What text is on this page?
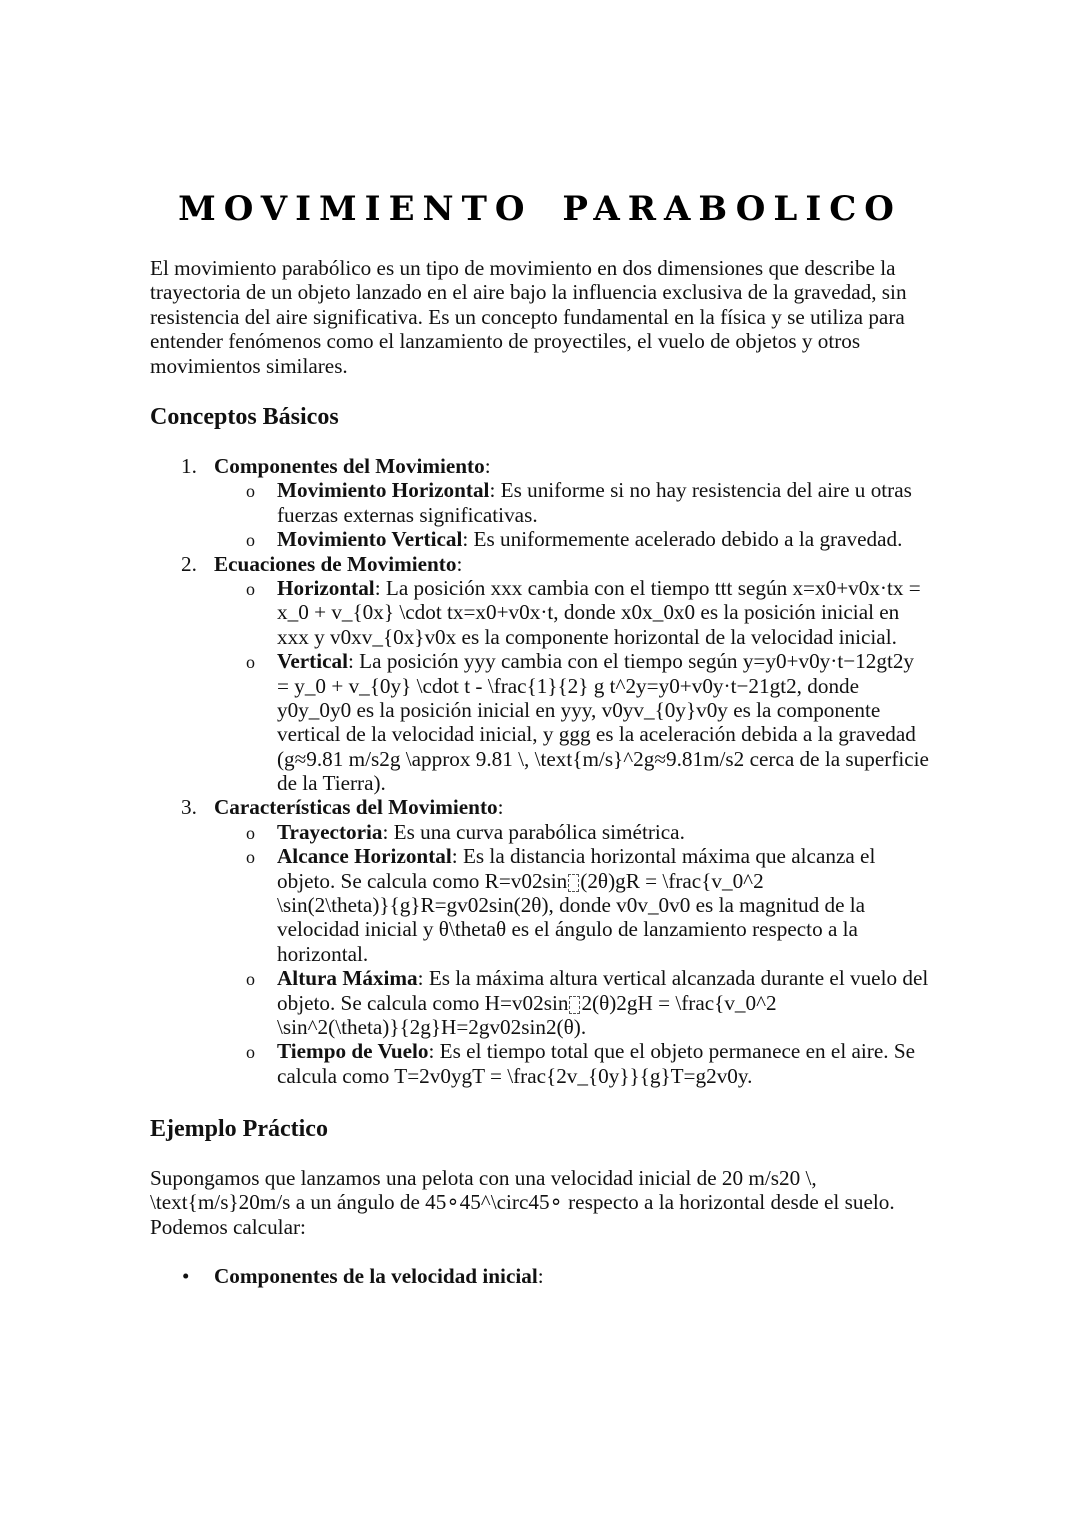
MOVIMIENTO PARABOLICO
El movimiento parabólico es un tipo de movimiento en dos dimensiones que describe la
trayectoria de un objeto lanzado en el aire bajo la influencia exclusiva de la gravedad, sin
resistencia del aire significativa. Es un concepto fundamental en la física y se utiliza para
entender fenómenos como el lanzamiento de proyectiles, el vuelo de objetos y otros
movimientos similares.
Conceptos Básicos
1. Componentes del Movimiento:
o Movimiento Horizontal: Es uniforme si no hay resistencia del aire u otras
fuerzas externas significativas.
o Movimiento Vertical: Es uniformemente acelerado debido a la gravedad.
2. Ecuaciones de Movimiento:
o Horizontal: La posición xxx cambia con el tiempo ttt según x=x0+v0x·tx =
x_0 + v_{0x} \cdot tx=x0+v0x·t, donde x0x_0x0 es la posición inicial en
xxx y v0xv_{0x}v0x es la componente horizontal de la velocidad inicial.
o Vertical: La posición yyy cambia con el tiempo según y=y0+v0y·t−12gt2y
= y_0 + v_{0y} \cdot t - \frac{1}{2} g t^2y=y0+v0y·t−21gt2, donde
y0y_0y0 es la posición inicial en yyy, v0yv_{0y}v0y es la componente
vertical de la velocidad inicial, y ggg es la aceleración debida a la gravedad
(g≈9.81 m/s2g \approx 9.81 \, \text{m/s}^2g≈9.81m/s2 cerca de la superficie
de la Tierra).
3. Características del Movimiento:
o Trayectoria: Es una curva parabólica simétrica.
o Alcance Horizontal: Es la distancia horizontal máxima que alcanza el
objeto. Se calcula como R=v02sin (2θ)gR = \frac{v_0^2
\sin(2\theta)}{g}R=gv02sin(2θ), donde v0v_0v0 es la magnitud de la
velocidad inicial y θ\thetaθ es el ángulo de lanzamiento respecto a la
horizontal.
o Altura Máxima: Es la máxima altura vertical alcanzada durante el vuelo del
objeto. Se calcula como H=v02sin 2(θ)2gH = \frac{v_0^2
\sin^2(\theta)}{2g}H=2gv02sin2(θ).
o Tiempo de Vuelo: Es el tiempo total que el objeto permanece en el aire. Se
calcula como T=2v0ygT = \frac{2v_{0y}}{g}T=g2v0y.
Ejemplo Práctico
Supongamos que lanzamos una pelota con una velocidad inicial de 20 m/s20 \,
\text{m/s}20m/s a un ángulo de 45∘45^\circ45∘ respecto a la horizontal desde el suelo.
Podemos calcular:
• Componentes de la velocidad inicial:
